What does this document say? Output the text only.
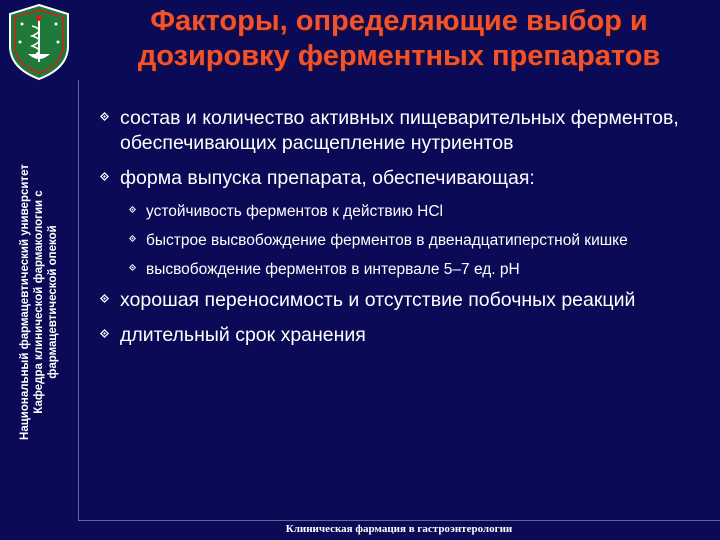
Национальный фармацевтический университет Кафедра клинической фармакологии с фармацевтической опекой
Факторы, определяющие выбор и
дозировку ферментных препаратов
состав и количество активных пищеварительных ферментов, обеспечивающих расщепление нутриентов
форма выпуска препарата, обеспечивающая:
устойчивость ферментов к действию HCl
быстрое высвобождение ферментов в двенадцатиперстной кишке
высвобождение ферментов в интервале 5–7 ед. рН
хорошая переносимость и отсутствие побочных реакций
длительный срок хранения
Клиническая фармация в гастроэнтерологии
